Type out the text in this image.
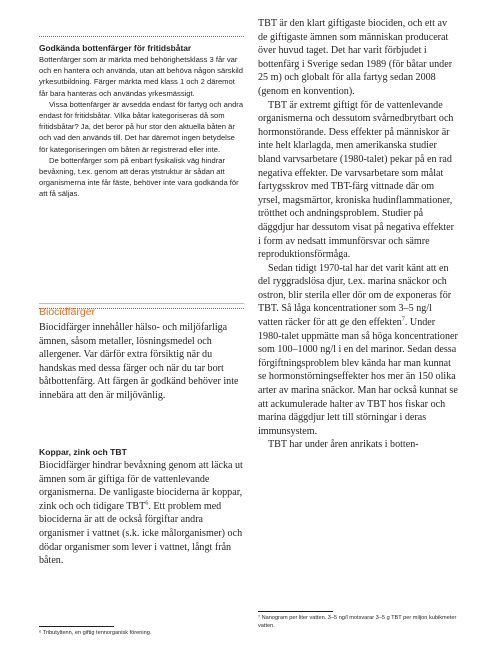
Godkända bottenfärger för fritidsbåtar

Bottenfärger som är märkta med behörighetsklass 3 får var och en hantera och använda, utan att behöva någon särskild yrkesutbildning. Färger märkta med klass 1 och 2 däremot får bara hanteras och användas yrkesmässigt.

Vissa bottenfärger är avsedda endast för fartyg och andra endast för fritidsbåtar. Vilka båtar kategoriseras då som fritidsbåtar? Ja, det beror på hur stor den aktuella båten är och vad den används till. Det har däremot ingen betydelse för kategoriseringen om båten är registrerad eller inte.

De bottenfärger som på enbart fysikalisk väg hindrar bevåxning, t.ex. genom att deras ytstruktur är sådan att organismerna inte får fäste, behöver inte vara godkända för att få säljas.

Biocidfärger

Biocidfärger innehåller hälso- och miljöfarliga ämnen, såsom metaller, lösningsmedel och allergener. Var därför extra försiktig när du handskas med dessa färger och när du tar bort båtbottenfärg. Att färgen är godkänd behöver inte innebära att den är miljövänlig.

Koppar, zink och TBT

Biocidfärger hindrar bevåxning genom att läcka ut ämnen som är giftiga för de vattenlevande organismerna. De vanligaste biociderna är koppar, zink och och tidigare TBT$^6$. Ett problem med biociderna är att de också förgiftar andra organismer i vattnet (s.k. icke målorganismer) och dödar organismer som lever i vattnet, långt från båten.

⁶ Tributyltenn, en giftig tennorganisk förening.

TBT är den klart giftigaste biociden, och ett av de giftigaste ämnen som människan producerat över huvud taget. Det har varit förbjudet i bottenfärg i Sverige sedan 1989 (för båtar under 25 m) och globalt för alla fartyg sedan 2008 (genom en konvention).

TBT är extremt giftigt för de vattenlevande organismerna och dessutom svårnedbrytbart och hormonstörande. Dess effekter på människor är inte helt klarlagda, men amerikanska studier bland varvsarbetare (1980-talet) pekar på en rad negativa effekter. De varvsarbetare som målat fartygsskrov med TBT-färg vittnade där om yrsel, magsmärtor, kroniska hudinflammationer, trötthet och andningsproblem. Studier på däggdjur har dessutom visat på negativa effekter i form av nedsatt immunförsvar och sämre reproduktionsförmåga.

Sedan tidigt 1970-tal har det varit känt att en del ryggradslösa djur, t.ex. marina snäckor och ostron, blir sterila eller dör om de exponeras för TBT. Så låga koncentrationer som 3–5 ng/l vatten räcker för att ge den effekten$^7$. Under 1980-talet uppmätte man så höga koncentrationer som 100–1000 ng/l i en del marinor. Sedan dessa förgiftningsproblem blev kända har man kunnat se hormonstörningseffekter hos mer än 150 olika arter av marina snäckor. Man har också kunnat se att ackumulerade halter av TBT hos fiskar och marina däggdjur lett till störningar i deras immunsystem.

TBT har under åren anrikats i botten-

⁷ Nanogram per liter vatten. 3–5 ng/l motsvarar 3–5 g TBT per miljon kubikmeter vatten.
